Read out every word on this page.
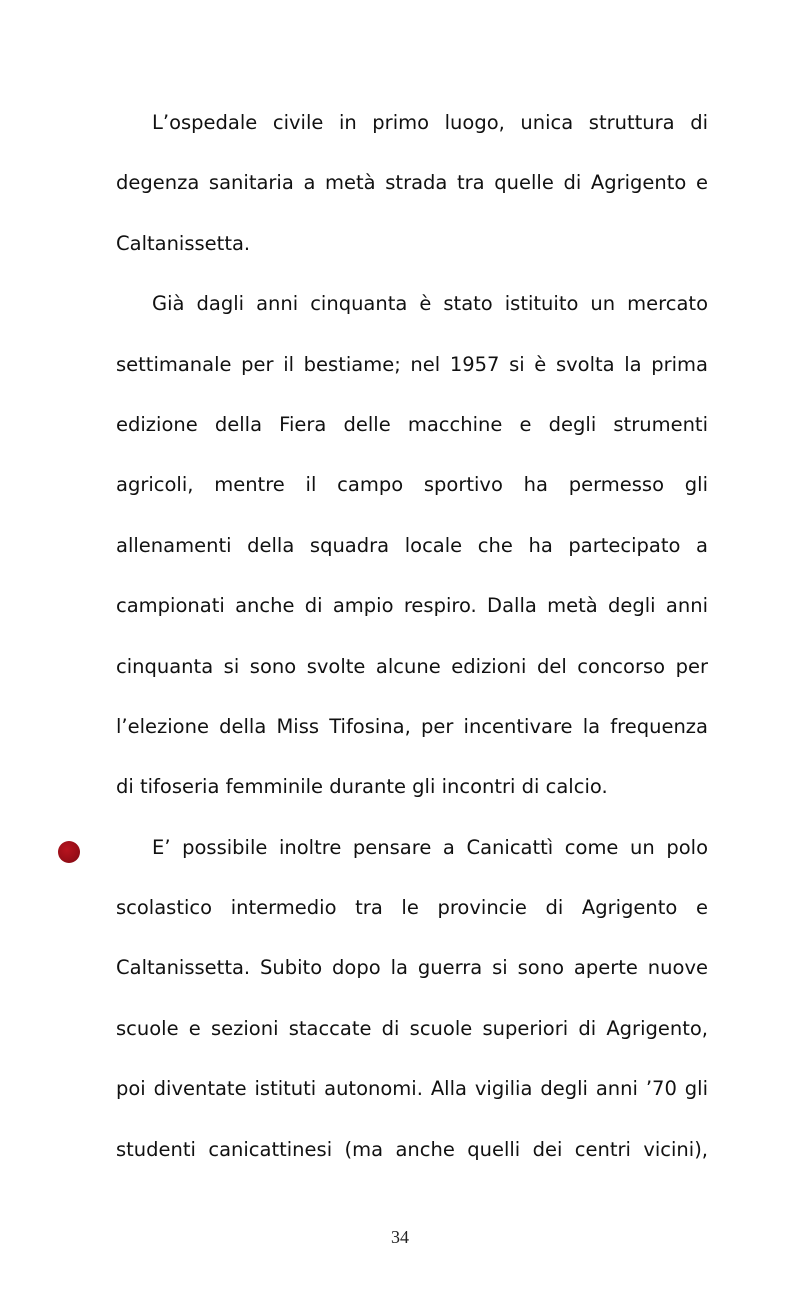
L’ospedale civile in primo luogo, unica struttura di
degenza sanitaria a metà strada tra quelle di Agrigento e
Caltanissetta.
Già dagli anni cinquanta è stato istituito un mercato
settimanale per il bestiame; nel 1957 si è svolta la prima
edizione della Fiera delle macchine e degli strumenti
agricoli, mentre il campo sportivo ha permesso gli
allenamenti della squadra locale che ha partecipato a
campionati anche di ampio respiro. Dalla metà degli anni
cinquanta si sono svolte alcune edizioni del concorso per
l’elezione della Miss Tifosina, per incentivare la frequenza
di tifoseria femminile durante gli incontri di calcio.
E’ possibile inoltre pensare a Canicattì come un polo
scolastico intermedio tra le provincie di Agrigento e
Caltanissetta. Subito dopo la guerra si sono aperte nuove
scuole e sezioni staccate di scuole superiori di Agrigento,
poi diventate istituti autonomi. Alla vigilia degli anni ’70 gli
studenti canicattinesi (ma anche quelli dei centri vicini),
34
